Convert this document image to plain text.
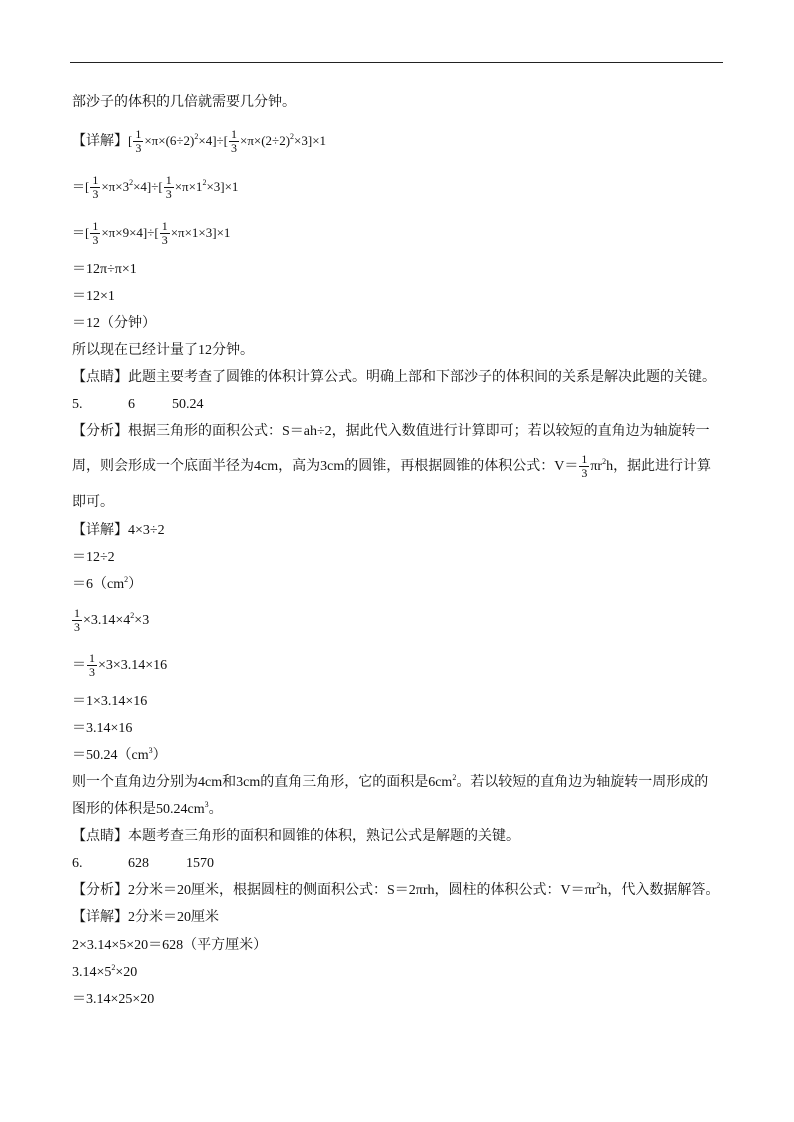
部沙子的体积的几倍就需要几分钟。
【详解】[ $\frac{1}{3} \times\pi\times(6\div 2)^2\times 4]\div[ \frac{1}{3} \times\pi\times(2\div 2)^2\times 3]\times 1$
＝[ $\frac{1}{3} \times\pi\times 3^2\times 4]\div[ \frac{1}{3} \times\pi\times 1^2\times 3]\times 1$
＝[ $\frac{1}{3} \times\pi\times 9\times 4]\div[ \frac{1}{3} \times\pi\times 1\times 3]\times 1$
＝12π÷π×1
＝12×1
＝12（分钟）
所以现在已经计量了12分钟。
【点睛】此题主要考查了圆锥的体积计算公式。明确上部和下部沙子的体积间的关系是解决此题的关键。
5.	6	50.24
【分析】根据三角形的面积公式：S＝ah÷2，据此代入数值进行计算即可；若以较短的直角边为轴旋转一
周，则会形成一个底面半径为4cm，高为3cm的圆锥，再根据圆锥的体积公式：$V= \frac{1}{3} \pi r^2h$，据此进行计算
即可。
【详解】4×3÷2
＝12÷2
$=6(cm^2)$
$\frac{1}{3} \times 3.14\times 4^2\times 3$
＝ $\frac{1}{3} \times 3\times 3.14\times 16$
＝1×3.14×16
＝3.14×16
$=50.24(cm^3)$
则一个直角边分别为4cm和3cm的直角三角形，它的面积是$6cm^2$。若以较短的直角边为轴旋转一周形成的
图形的体积是$50.24cm^3$。
【点睛】本题考查三角形的面积和圆锥的体积，熟记公式是解题的关键。
6.	628	1570
【分析】2分米＝20厘米，根据圆柱的侧面积公式：S＝2πrh，圆柱的体积公式：$V=\pi r^2h$，代入数据解答。
【详解】2分米＝20厘米
2×3.14×5×20＝628（平方厘米）
$3.14\times 5^2\times 20$
＝3.14×25×20
